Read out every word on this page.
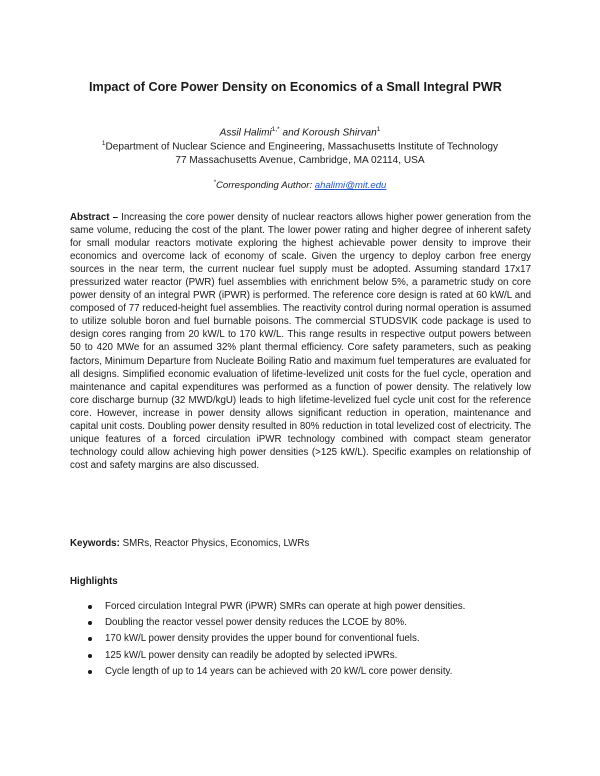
Impact of Core Power Density on Economics of a Small Integral PWR
Assil Halimi$^{1,*}$ and Koroush Shirvan$^1$
$^1$Department of Nuclear Science and Engineering, Massachusetts Institute of Technology
77 Massachusetts Avenue, Cambridge, MA 02114, USA
*Corresponding Author: ahalimi@mit.edu
Abstract – Increasing the core power density of nuclear reactors allows higher power generation from the same volume, reducing the cost of the plant. The lower power rating and higher degree of inherent safety for small modular reactors motivate exploring the highest achievable power density to improve their economics and overcome lack of economy of scale. Given the urgency to deploy carbon free energy sources in the near term, the current nuclear fuel supply must be adopted. Assuming standard 17x17 pressurized water reactor (PWR) fuel assemblies with enrichment below 5%, a parametric study on core power density of an integral PWR (iPWR) is performed. The reference core design is rated at 60 kW/L and composed of 77 reduced-height fuel assemblies. The reactivity control during normal operation is assumed to utilize soluble boron and fuel burnable poisons. The commercial STUDSVIK code package is used to design cores ranging from 20 kW/L to 170 kW/L. This range results in respective output powers between 50 to 420 MWe for an assumed 32% plant thermal efficiency. Core safety parameters, such as peaking factors, Minimum Departure from Nucleate Boiling Ratio and maximum fuel temperatures are evaluated for all designs. Simplified economic evaluation of lifetime-levelized unit costs for the fuel cycle, operation and maintenance and capital expenditures was performed as a function of power density. The relatively low core discharge burnup (32 MWD/kgU) leads to high lifetime-levelized fuel cycle unit cost for the reference core. However, increase in power density allows significant reduction in operation, maintenance and capital unit costs. Doubling power density resulted in 80% reduction in total levelized cost of electricity. The unique features of a forced circulation iPWR technology combined with compact steam generator technology could allow achieving high power densities (>125 kW/L). Specific examples on relationship of cost and safety margins are also discussed.
Keywords: SMRs, Reactor Physics, Economics, LWRs
Highlights
Forced circulation Integral PWR (iPWR) SMRs can operate at high power densities.
Doubling the reactor vessel power density reduces the LCOE by 80%.
170 kW/L power density provides the upper bound for conventional fuels.
125 kW/L power density can readily be adopted by selected iPWRs.
Cycle length of up to 14 years can be achieved with 20 kW/L core power density.
